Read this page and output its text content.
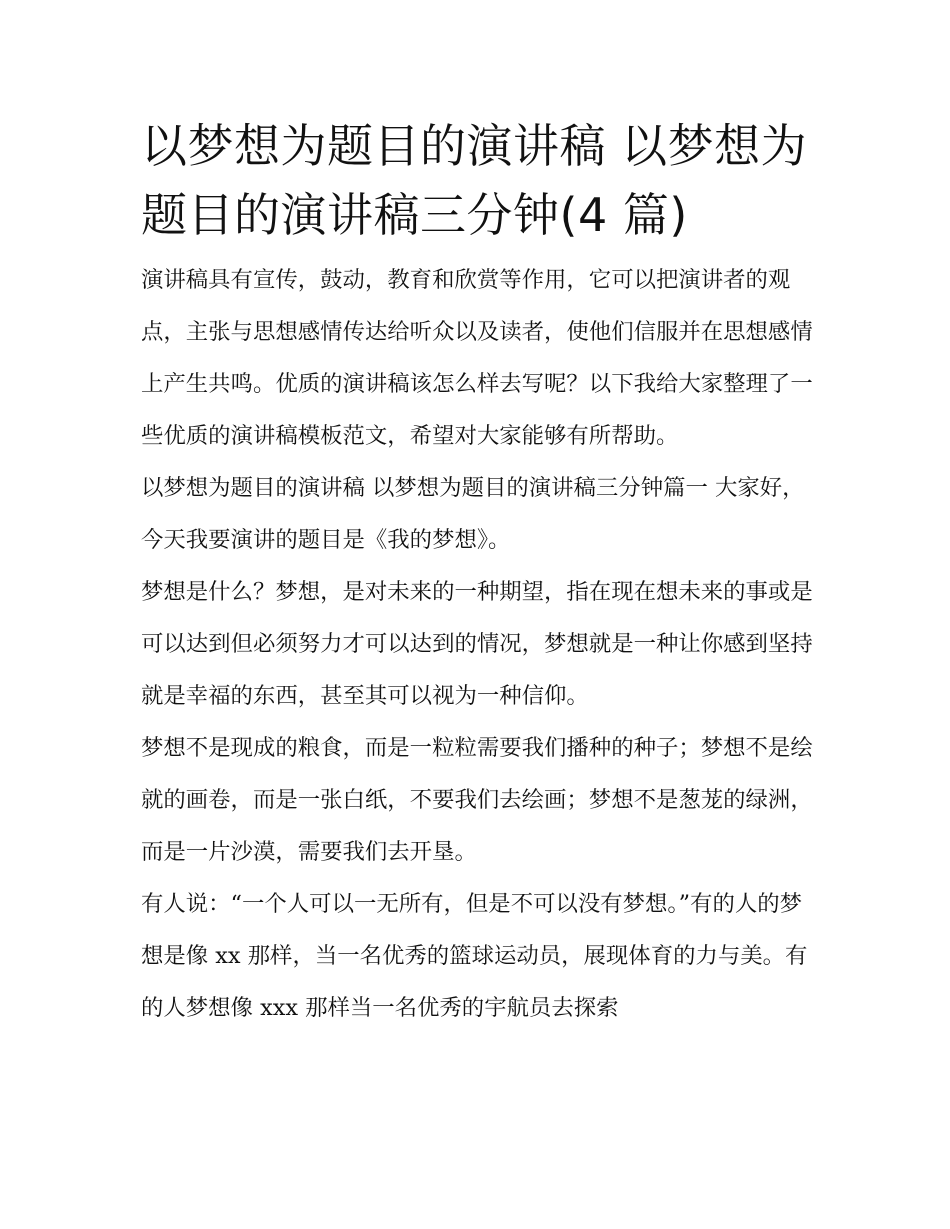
以梦想为题目的演讲稿 以梦想为题目的演讲稿三分钟(4 篇)

演讲稿具有宣传，鼓动，教育和欣赏等作用，它可以把演讲者的观点，主张与思想感情传达给听众以及读者，使他们信服并在思想感情上产生共鸣。优质的演讲稿该怎么样去写呢？以下我给大家整理了一些优质的演讲稿模板范文，希望对大家能够有所帮助。

以梦想为题目的演讲稿 以梦想为题目的演讲稿三分钟篇一 大家好，今天我要演讲的题目是《我的梦想》。

梦想是什么？梦想，是对未来的一种期望，指在现在想未来的事或是可以达到但必须努力才可以达到的情况，梦想就是一种让你感到坚持就是幸福的东西，甚至其可以视为一种信仰。

梦想不是现成的粮食，而是一粒粒需要我们播种的种子；梦想不是绘就的画卷，而是一张白纸，不要我们去绘画；梦想不是葱茏的绿洲，而是一片沙漠，需要我们去开垦。

有人说：“一个人可以一无所有，但是不可以没有梦想。”有的人的梦想是像 xx 那样，当一名优秀的篮球运动员，展现体育的力与美。有的人梦想像 xxx 那样当一名优秀的宇航员去探索
